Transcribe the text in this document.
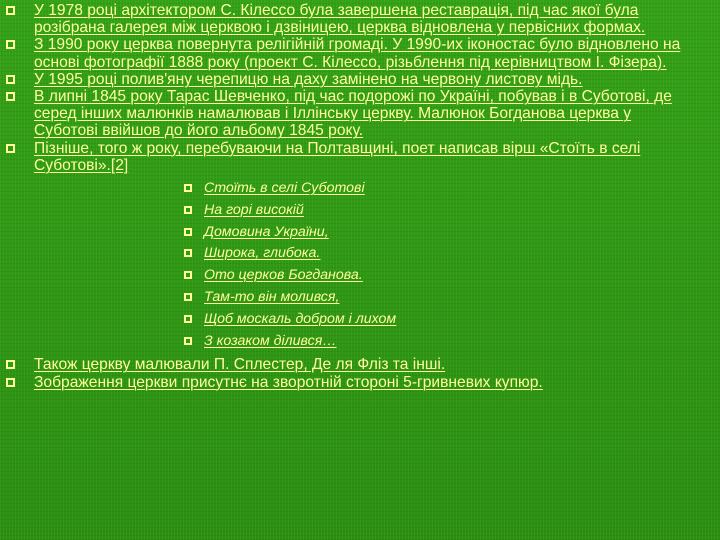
У 1978 році архітектором С. Кілессо була завершена реставрація, під час якої була розібрана галерея між церквою і дзвіницею, церква відновлена у первісних формах.
З 1990 року церква повернута релігійній громаді. У 1990-их іконостас було відновлено на основі фотографії 1888 року (проект С. Кілессо, різьблення під керівництвом І. Фізера).
У 1995 році полив'яну черепицю на даху замінено на червону листову мідь.
В липні 1845 року Тарас Шевченко, під час подорожі по Україні, побував і в Суботові, де серед інших малюнків намалював і Іллінську церкву. Малюнок Богданова церква у Суботові ввійшов до його альбому 1845 року.
Пізніше, того ж року, перебуваючи на Полтавщині, поет написав вірш «Стоїть в селі Суботові».[2]
Стоїть в селі Суботові
На горі високій
Домовина України,
Широка, глибока.
Ото церков Богданова.
Там-то він молився,
Щоб москаль добром і лихом
З козаком ділився…
Також церкву малювали П. Сплестер, Де ля Фліз та інші.
Зображення церкви присутнє на зворотній стороні 5-гривневих купюр.
